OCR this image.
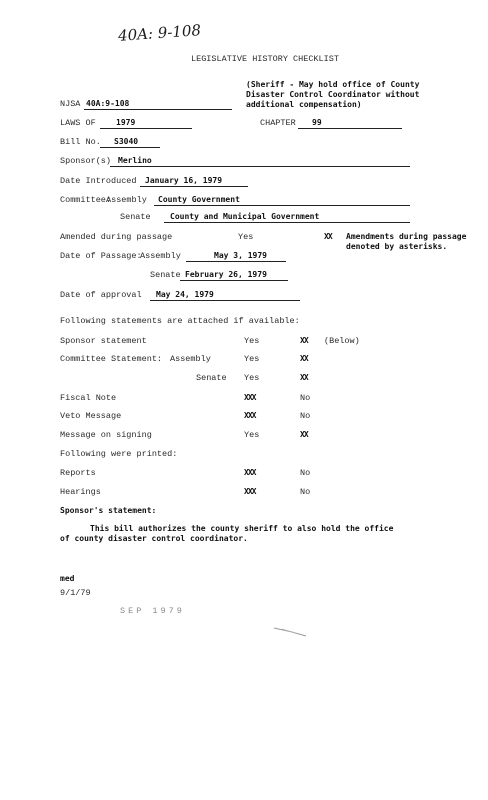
40A: 9-108
LEGISLATIVE HISTORY CHECKLIST
(Sheriff - May hold office of County
Disaster Control Coordinator without
additional compensation)
NJSA 40A:9-108
LAWS OF	1979	CHAPTER 99
Bill No. S3040
Sponsor(s) Merlino
Date Introduced January 16, 1979
Committee:
Assembly County Government
Senate County and Municipal Government
Amended during passage	Yes	XX Amendments during passage
denoted by asterisks.
Date of Passage:
Assembly	May 3, 1979
Senate February 26, 1979
Date of approval May 24, 1979
Following statements are attached if available:
Sponsor statement	Yes	XX (Below)
Committee Statement: Assembly	Yes	XX
Senate Yes	XX
Fiscal Note	XXX	No
Veto Message	XXX	No
Message on signing	Yes	XX
Following were printed:
Reports	XXX	No
Hearings	XXX	No
Sponsor's statement:
This bill authorizes the county sheriff to also hold the office
of county disaster control coordinator.
med
9/1/79
SEP 1979
